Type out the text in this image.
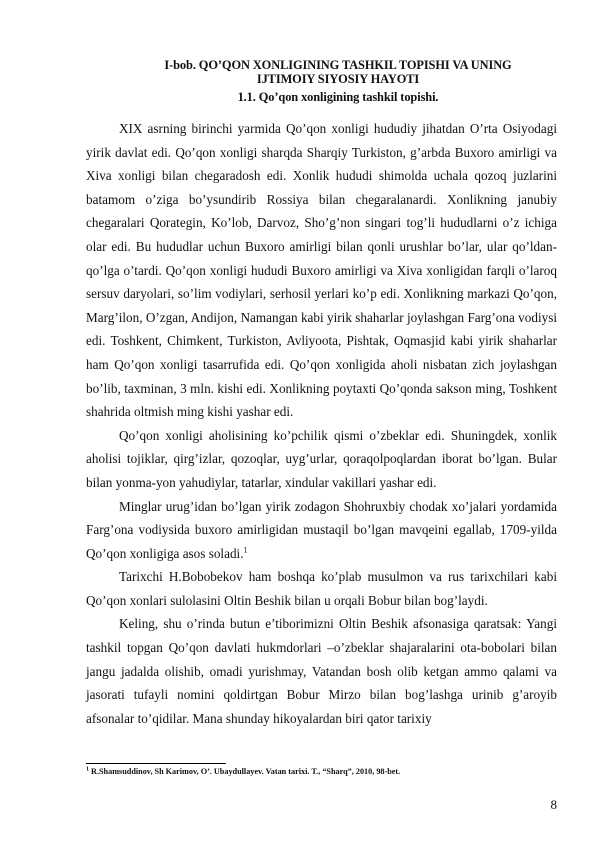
I-bob. QO’QON XONLIGINING TASHKIL TOPISHI VA UNING
IJTIMOIY SIYOSIY HAYOTI
1.1. Qo’qon xonligining tashkil topishi.

XIX asrning birinchi yarmida Qo’qon xonligi hududiy jihatdan O’rta Osiyodagi yirik davlat edi. Qo’qon xonligi sharqda Sharqiy Turkiston, g’arbda Buxoro amirligi va Xiva xonligi bilan chegaradosh edi. Xonlik hududi shimolda uchala qozoq juzlarini batamom o’ziga bo’ysundirib Rossiya bilan chegaralanardi. Xonlikning janubiy chegaralari Qorategin, Ko’lob, Darvoz, Sho’g’non singari tog’li hududlarni o’z ichiga olar edi. Bu hududlar uchun Buxoro amirligi bilan qonli urushlar bo’lar, ular qo’ldan-qo’lga o’tardi. Qo’qon xonligi hududi Buxoro amirligi va Xiva xonligidan farqli o’laroq sersuv daryolari, so’lim vodiylari, serhosil yerlari ko’p edi. Xonlikning markazi Qo’qon, Marg’ilon, O’zgan, Andijon, Namangan kabi yirik shaharlar joylashgan Farg’ona vodiysi edi. Toshkent, Chimkent, Turkiston, Avliyoota, Pishtak, Oqmasjid kabi yirik shaharlar ham Qo’qon xonligi tasarrufida edi. Qo’qon xonligida aholi nisbatan zich joylashgan bo’lib, taxminan, 3 mln. kishi edi. Xonlikning poytaxti Qo’qonda sakson ming, Toshkent shahrida oltmish ming kishi yashar edi.

Qo’qon xonligi aholisining ko’pchilik qismi o’zbeklar edi. Shuningdek, xonlik aholisi tojiklar, qirg’izlar, qozoqlar, uyg’urlar, qoraqolpoqlardan iborat bo’lgan. Bular bilan yonma-yon yahudiylar, tatarlar, xindular vakillari yashar edi.

Minglar urug’idan bo’lgan yirik zodagon Shohruxbiy chodak xo’jalari yordamida Farg’ona vodiysida buxoro amirligidan mustaqil bo’lgan mavqeini egallab, 1709-yilda Qo’qon xonligiga asos soladi.$^1$

Tarixchi H.Bobobekov ham boshqa ko’plab musulmon va rus tarixchilari kabi Qo’qon xonlari sulolasini Oltin Beshik bilan u orqali Bobur bilan bog’laydi.

Keling, shu o’rinda butun e’tiborimizni Oltin Beshik afsonasiga qaratsak: Yangi tashkil topgan Qo’qon davlati hukmdorlari –o’zbeklar shajaralarini ota-bobolari bilan jangu jadalda olishib, omadi yurishmay, Vatandan bosh olib ketgan ammo qalami va jasorati tufayli nomini qoldirtgan Bobur Mirzo bilan bog’lashga urinib g’aroyib afsonalar to’qidilar. Mana shunday hikoyalardan biri qator tarixiy

$^1$ R.Shamsuddinov, Sh Karimov, O’. Ubaydullayev. Vatan tarixi. T., “Sharq”, 2010, 98-bet.
8
